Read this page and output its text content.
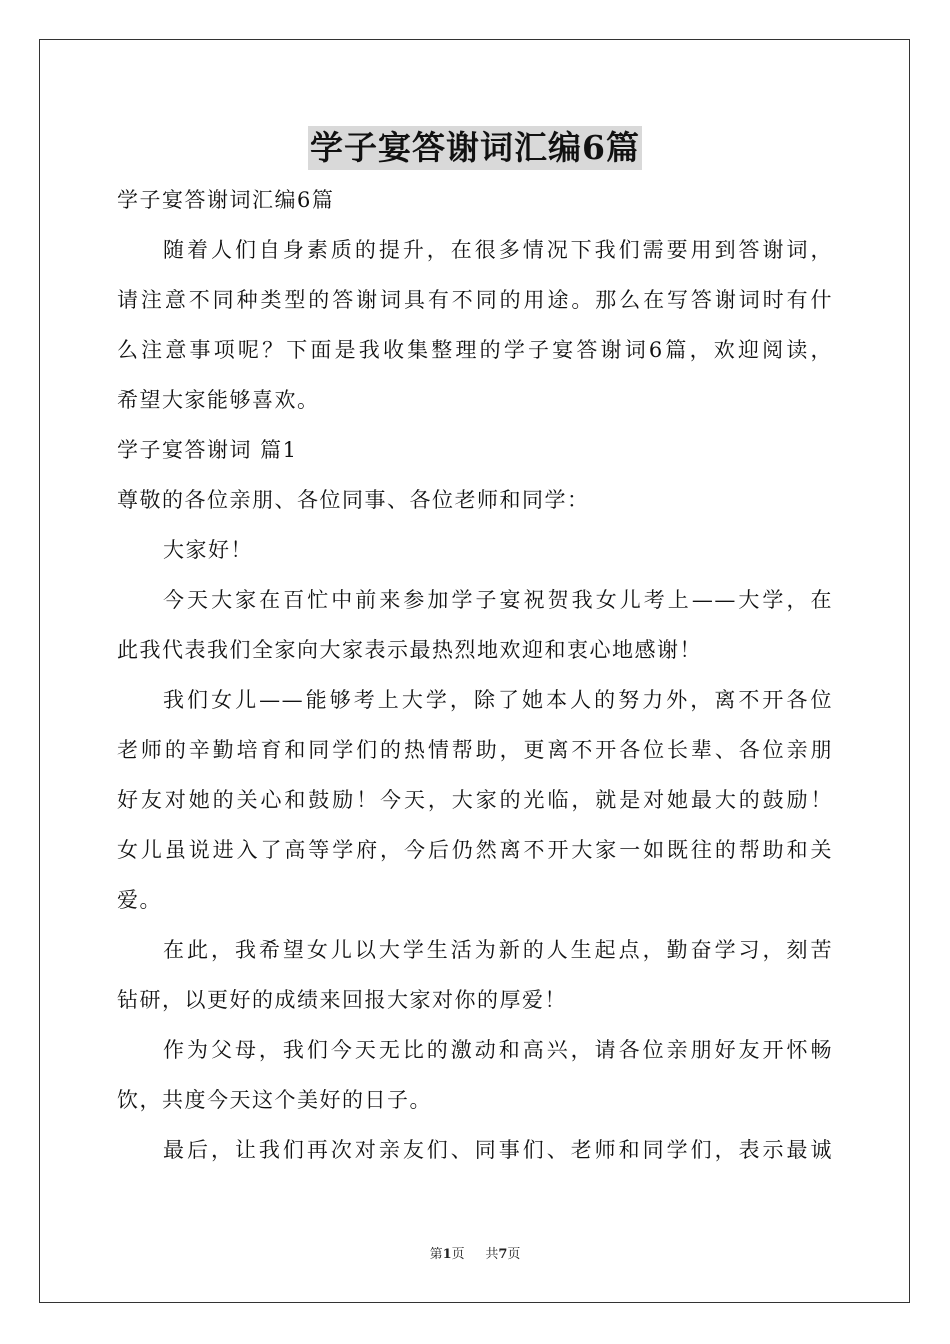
学子宴答谢词汇编6篇
学子宴答谢词汇编6篇
随着人们自身素质的提升，在很多情况下我们需要用到答谢词，
请注意不同种类型的答谢词具有不同的用途。那么在写答谢词时有什
么注意事项呢？下面是我收集整理的学子宴答谢词6篇，欢迎阅读，
希望大家能够喜欢。
学子宴答谢词 篇1
尊敬的各位亲朋、各位同事、各位老师和同学：
大家好！
今天大家在百忙中前来参加学子宴祝贺我女儿考上——大学，在
此我代表我们全家向大家表示最热烈地欢迎和衷心地感谢！
我们女儿——能够考上大学，除了她本人的努力外，离不开各位
老师的辛勤培育和同学们的热情帮助，更离不开各位长辈、各位亲朋
好友对她的关心和鼓励！今天，大家的光临，就是对她最大的鼓励！
女儿虽说进入了高等学府，今后仍然离不开大家一如既往的帮助和关
爱。
在此，我希望女儿以大学生活为新的人生起点，勤奋学习，刻苦
钻研，以更好的成绩来回报大家对你的厚爱！
作为父母，我们今天无比的激动和高兴，请各位亲朋好友开怀畅
饮，共度今天这个美好的日子。
最后，让我们再次对亲友们、同事们、老师和同学们，表示最诚
第1页 共7页
